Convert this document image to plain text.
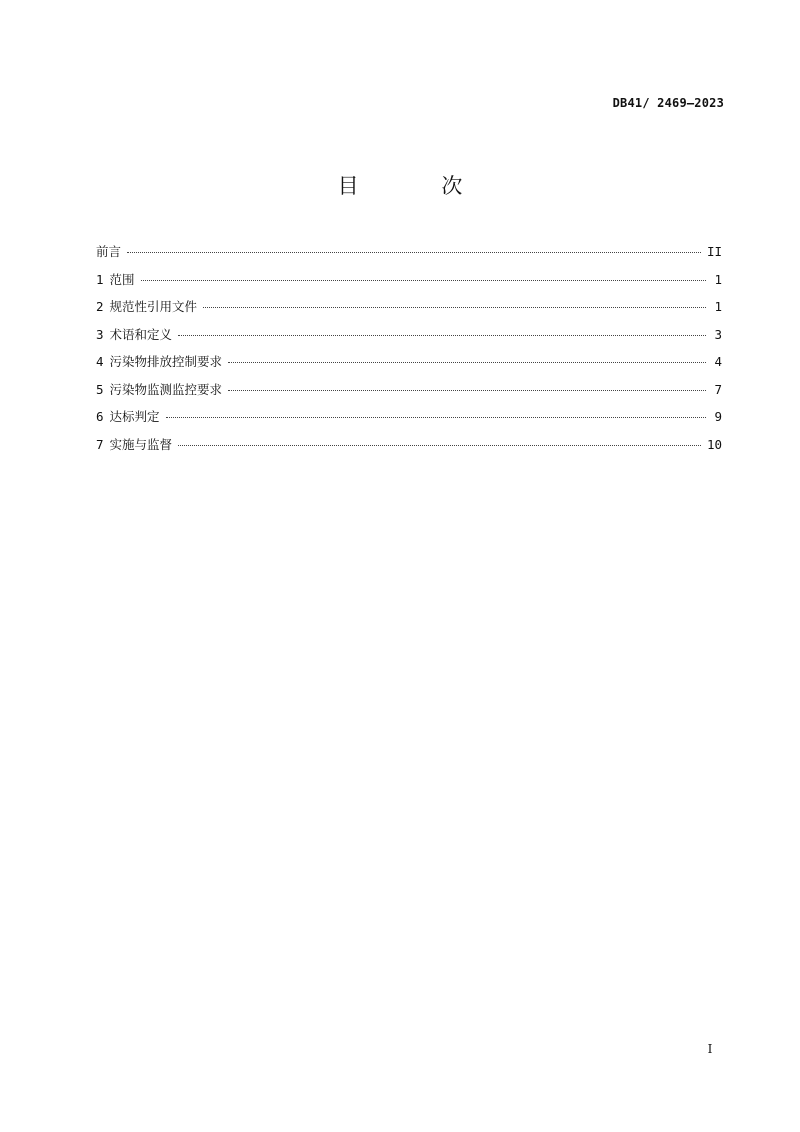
DB41/ 2469—2023
目 次
前言	II
1 范围	1
2 规范性引用文件	1
3 术语和定义	3
4 污染物排放控制要求	4
5 污染物监测监控要求	7
6 达标判定	9
7 实施与监督	10
I
